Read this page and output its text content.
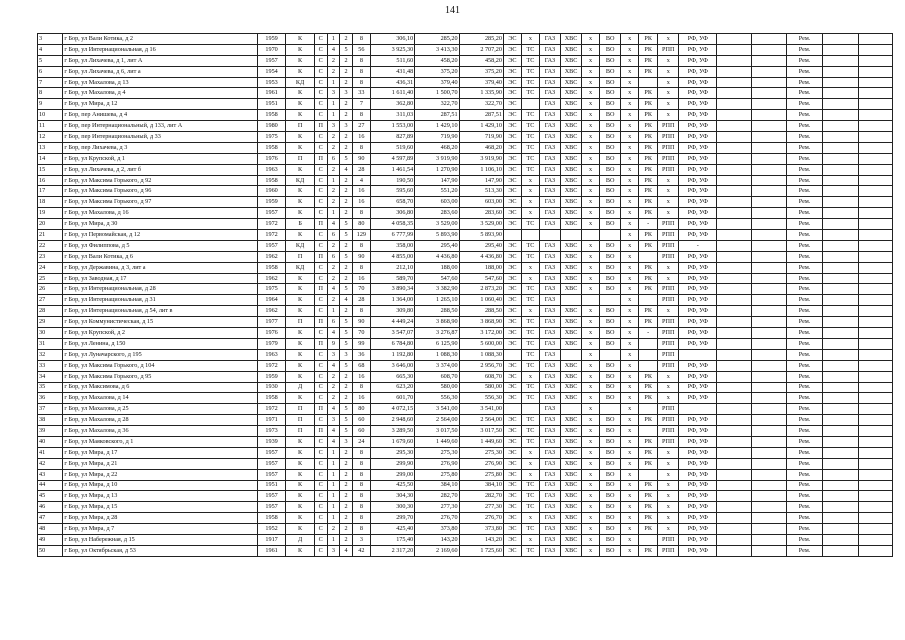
141
3	г Бор, ул Вали Котика, д 2	1959	К	С	1	2	8	306,10	285,20	285,20	ЭС	х	ГАЗ	ХВС	х	ВО	х	РК	х	РФ, УФ			Рем.		
4	г Бор, ул Интернациональная, д 16	1970	К	С	4	5	56	3 925,30	3 413,30	2 707,20	ЭС	ТС	ГАЗ	ХВС	х	ВО	х	РК	РПП	РФ, УФ			Рем.		
5	г Бор, ул Лихачева, д 1, лит А	1957	К	С	2	2	8	511,60	458,20	458,20	ЭС	ТС	ГАЗ	ХВС	х	ВО	х	РК	х	РФ, УФ			Рем.		
6	г Бор, ул Лихачева, д 6, лит а	1954	К	С	2	2	8	431,48	375,20	375,20	ЭС	ТС	ГАЗ	ХВС	х	ВО	х	РК	х	РФ, УФ			Рем.		
7	г Бор, ул Махалова, д 13	1953	КД	С	1	2	8	436,31	379,40	379,40	ЭС	ТС	ГАЗ	ХВС	х	ВО	х		х	РФ, УФ			Рем.		
8	г Бор, ул Махалова, д 4	1961	К	С	3	3	33	1 611,40	1 500,70	1 335,90	ЭС	ТС	ГАЗ	ХВС	х	ВО	х	РК	х	РФ, УФ			Рем.		
9	г Бор, ул Мира, д 12	1951	К	С	1	2	7	362,80	322,70	322,70	ЭС		ГАЗ	ХВС	х	ВО	х	РК	х	РФ, УФ			Рем.		
10	г Бор, пер Анишева, д 4	1958	К	С	1	2	8	311,03	287,51	287,51	ЭС	ТС	ГАЗ	ХВС	х	ВО	х	РК	х	РФ, УФ			Рем.		
11	г Бор, пер Интернациональный, д 133, лит А	1980	П	П	3	3	27	1 553,00	1 429,10	1 429,10	ЭС	ТС	ГАЗ	ХВС	х	ВО	х	РК	РПП	РФ, УФ			Рем.		
12	г Бор, пер Интернациональный, д 33	1975	К	С	2	2	16	827,89	719,90	719,90	ЭС	ТС	ГАЗ	ХВС	х	ВО	х	РК	РПП	РФ, УФ			Рем.		
13	г Бор, пер Лихачева, д 3	1958	К	С	2	2	8	519,60	468,20	468,20	ЭС	ТС	ГАЗ	ХВС	х	ВО	х	РК	РПП	РФ, УФ			Рем.		
14	г Бор, ул Крупской, д 1	1976	П	П	6	5	90	4 597,89	3 919,90	3 919,90	ЭС	ТС	ГАЗ	ХВС	х	ВО	х	РК	РПП	РФ, УФ			Рем.		
15	г Бор, ул Лихачева, д 2, лит б	1963	К	С	2	4	28	1 461,54	1 270,90	1 106,10	ЭС	ТС	ГАЗ	ХВС	х	ВО	х	РК	РПП	РФ, УФ			Рем.		
16	г Бор, ул Максима Горького, д 92	1958	КД	С	1	2	4	190,50	147,90	147,90	ЭС	х	ГАЗ	ХВС	х	ВО	х	РК	х	РФ, УФ			Рем.		
17	г Бор, ул Максима Горького, д 96	1960	К	С	2	2	16	595,60	551,20	513,30	ЭС	х	ГАЗ	ХВС	х	ВО	х	РК	х	РФ, УФ			Рем.		
18	г Бор, ул Максима Горького, д 97	1959	К	С	2	2	16	658,70	603,00	603,00	ЭС	х	ГАЗ	ХВС	х	ВО	х	РК	х	РФ, УФ			Рем.		
19	г Бор, ул Махалова, д 16	1957	К	С	1	2	8	306,80	283,60	283,60	ЭС	х	ГАЗ	ХВС	х	ВО	х	РК	х	РФ, УФ			Рем.		
20	г Бор, ул Мира, д 30	1972	Б	П	4	5	80	4 058,35	3 529,00	3 529,00	ЭС	ТС	ГАЗ	ХВС	х	ВО	х	-	РПП	РФ, УФ			Рем.		
21	г Бор, ул Первомайская, д 12	1972	К	С	6	5	129	6 777,99	5 893,90	5 893,90							х	РК	РПП	РФ, УФ			Рем.		
22	г Бор, ул Филиппова, д 5	1957	КД	С	2	2	8	358,00	295,40	295,40	ЭС	ТС	ГАЗ	ХВС	х	ВО	х	РК	РПП	-			Рем.		
23	г Бор, ул Вали Котика, д 6	1962	П	П	6	5	90	4 855,00	4 436,80	4 436,80	ЭС	ТС	ГАЗ	ХВС	х	ВО	х		РПП	РФ, УФ			Рем.		
24	г Бор, ул Державина, д 3, лит а	1958	КД	С	2	2	8	212,10	188,00	188,00	ЭС	х	ГАЗ	ХВС	х	ВО	х	РК	х	РФ, УФ			Рем.		
25	г Бор, ул Заводная, д 17	1962	К	С	2	2	16	589,70	547,60	547,60	ЭС	х	ГАЗ	ХВС	х	ВО	х	РК	х	РФ, УФ			Рем.		
26	г Бор, ул Интернациональная, д 28	1975	К	П	4	5	70	3 890,34	3 382,90	2 873,20	ЭС	ТС	ГАЗ	ХВС	х	ВО	х	РК	РПП	РФ, УФ			Рем.		
27	г Бор, ул Интернациональная, д 31	1964	К	С	2	4	28	1 364,00	1 265,10	1 060,40	ЭС	ТС	ГАЗ				х		РПП	РФ, УФ			Рем.		
28	г Бор, ул Интернациональная, д 54, лит в	1962	К	С	1	2	8	309,80	288,50	288,50	ЭС	х	ГАЗ	ХВС	х	ВО	х	РК	х	РФ, УФ			Рем.		
29	г Бор, ул Коммунистическая, д 15	1977	П	П	6	5	90	4 449,24	3 868,90	3 868,90	ЭС	ТС	ГАЗ	ХВС	х	ВО	х	РК	РПП	РФ, УФ			Рем.		
30	г Бор, ул Крупской, д 2	1976	К	С	4	5	70	3 547,07	3 276,87	3 172,00	ЭС	ТС	ГАЗ	ХВС	х	ВО	х	-	РПП	РФ, УФ			Рем.		
31	г Бор, ул Ленина, д 150	1979	К	П	9	5	99	6 784,80	6 125,90	5 600,00	ЭС	ТС	ГАЗ	ХВС	х	ВО	х		РПП	РФ, УФ			Рем.		
32	г Бор, ул Луначарского, д 195	1963	К	С	3	3	36	1 192,80	1 088,30	1 088,30		ТС	ГАЗ		х		х		РПП				Рем.		
33	г Бор, ул Максима Горького, д 104	1972	К	С	4	5	68	3 646,00	3 374,00	2 956,70	ЭС	ТС	ГАЗ	ХВС	х	ВО	х		РПП	РФ, УФ			Рем.		
34	г Бор, ул Максима Горького, д 95	1959	К	С	2	2	16	665,30	608,70	608,70	ЭС	х	ГАЗ	ХВС	х	ВО	х	РК	х	РФ, УФ			Рем.		
35	г Бор, ул Максимова, д 6	1930	Д	С	2	2	8	623,20	580,00	580,00	ЭС	ТС	ГАЗ	ХВС	х	ВО	х	РК	х	РФ, УФ			Рем.		
36	г Бор, ул Махалова, д 14	1958	К	С	2	2	16	601,70	556,30	556,30	ЭС	ТС	ГАЗ	ХВС	х	ВО	х	РК	х	РФ, УФ			Рем.		
37	г Бор, ул Махалова, д 25	1972	П	П	4	5	80	4 072,15	3 541,00	3 541,00			ГАЗ		х		х		РПП				Рем.		
38	г Бор, ул Махалова, д 28	1971	П	С	3	5	60	2 948,60	2 564,00	2 564,00	ЭС	ТС	ГАЗ	ХВС	х	ВО	х	РК	РПП	РФ, УФ			Рем.		
39	г Бор, ул Махалова, д 36	1973	П	П	4	5	60	3 289,50	3 017,50	3 017,50	ЭС	ТС	ГАЗ	ХВС	х	ВО	х		РПП	РФ, УФ			Рем.		
40	г Бор, ул Маяковского, д 1	1939	К	С	4	3	24	1 679,60	1 449,60	1 449,60	ЭС	ТС	ГАЗ	ХВС	х	ВО	х	РК	РПП	РФ, УФ			Рем.		
41	г Бор, ул Мира, д 17	1957	К	С	1	2	8	295,30	275,30	275,30	ЭС	х	ГАЗ	ХВС	х	ВО	х	РК	х	РФ, УФ			Рем.		
42	г Бор, ул Мира, д 21	1957	К	С	1	2	8	299,90	276,90	276,90	ЭС	х	ГАЗ	ХВС	х	ВО	х	РК	х	РФ, УФ			Рем.		
43	г Бор, ул Мира, д 22	1957	К	С	1	2	8	299,00	275,80	275,80	ЭС	х	ГАЗ	ХВС	х	ВО	х		х	РФ, УФ			Рем.		
44	г Бор, ул Мира, д 10	1951	К	С	1	2	8	425,50	384,10	384,10	ЭС	ТС	ГАЗ	ХВС	х	ВО	х	РК	х	РФ, УФ			Рем.		
45	г Бор, ул Мира, д 13	1957	К	С	1	2	8	304,30	282,70	282,70	ЭС	ТС	ГАЗ	ХВС	х	ВО	х	РК	х	РФ, УФ			Рем.		
46	г Бор, ул Мира, д 15	1957	К	С	1	2	8	300,30	277,30	277,30	ЭС	ТС	ГАЗ	ХВС	х	ВО	х	РК	х	РФ, УФ			Рем.		
47	г Бор, ул Мира, д 28	1958	К	С	1	2	8	299,70	276,70	276,70	ЭС	х	ГАЗ	ХВС	х	ВО	х	РК	х	РФ, УФ			Рем.		
48	г Бор, ул Мира, д 7	1952	К	С	2	2	8	425,40	373,80	373,80	ЭС	ТС	ГАЗ	ХВС	х	ВО	х	РК	х	РФ, УФ			Рем.		
49	г Бор, ул Набережная, д 15	1917	Д	С	1	2	3	175,40	143,20	143,20	ЭС	х	ГАЗ	ХВС	х	ВО	х		РПП	РФ, УФ			Рем.		
50	г Бор, ул Октябрьская, д 53	1961	К	С	3	4	42	2 317,20	2 169,60	1 725,60	ЭС	ТС	ГАЗ	ХВС	х	ВО	х	РК	РПП	РФ, УФ			Рем.		
